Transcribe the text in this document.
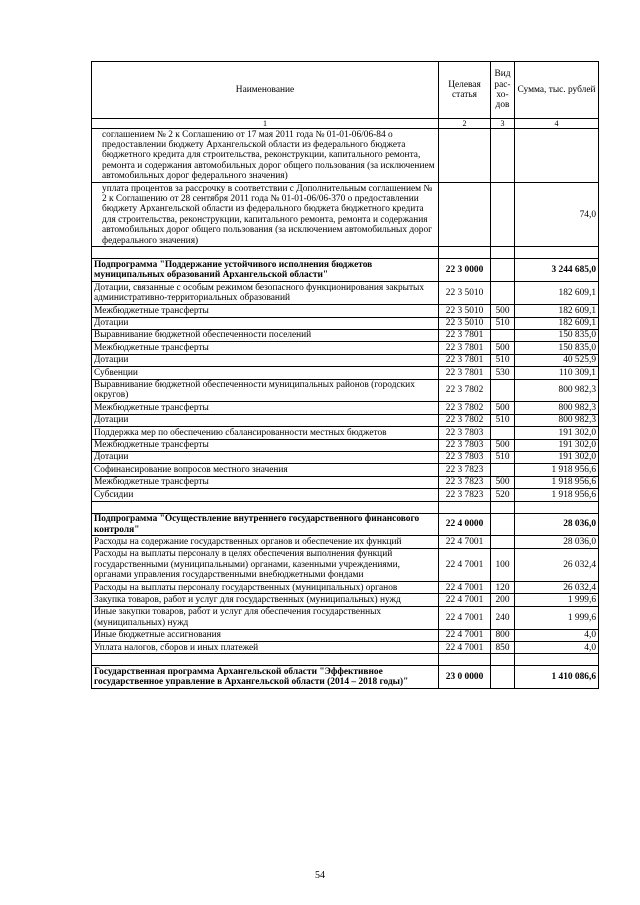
Наименование	Целевая статья	Вид рас-хо-дов	Сумма, тыс. рублей
1	2	3	4
соглашением № 2 к Соглашению от 17 мая 2011 года № 01-01-06/06-84 о предоставлении бюджету Архангельской области из федерального бюджета бюджетного кредита для строительства, реконструкции, капитального ремонта, ремонта и содержания автомобильных дорог общего пользования (за исключением автомобильных дорог федерального значения)			
уплата процентов за рассрочку в соответствии с Дополнительным соглашением № 2 к Соглашению от 28 сентября 2011 года № 01-01-06/06-370 о предоставлении бюджету Архангельской области из федерального бюджета бюджетного кредита для строительства, реконструкции, капитального ремонта, ремонта и содержания автомобильных дорог общего пользования (за исключением автомобильных дорог федерального значения)			74,0

Подпрограмма "Поддержание устойчивого исполнения бюджетов муниципальных образований Архангельской области"	22 3 0000		3 244 685,0
Дотации, связанные с особым режимом безопасного функционирования закрытых административно-территориальных образований	22 3 5010		182 609,1
Межбюджетные трансферты	22 3 5010	500	182 609,1
Дотации	22 3 5010	510	182 609,1
Выравнивание бюджетной обеспеченности поселений	22 3 7801		150 835,0
Межбюджетные трансферты	22 3 7801	500	150 835,0
Дотации	22 3 7801	510	40 525,9
Субвенции	22 3 7801	530	110 309,1
Выравнивание бюджетной обеспеченности муниципальных районов (городских округов)	22 3 7802		800 982,3
Межбюджетные трансферты	22 3 7802	500	800 982,3
Дотации	22 3 7802	510	800 982,3
Поддержка мер по обеспечению сбалансированности местных бюджетов	22 3 7803		191 302,0
Межбюджетные трансферты	22 3 7803	500	191 302,0
Дотации	22 3 7803	510	191 302,0
Софинансирование вопросов местного значения	22 3 7823		1 918 956,6
Межбюджетные трансферты	22 3 7823	500	1 918 956,6
Субсидии	22 3 7823	520	1 918 956,6

Подпрограмма "Осуществление внутреннего государственного финансового контроля"	22 4 0000		28 036,0
Расходы на содержание государственных органов и обеспечение их функций	22 4 7001		28 036,0
Расходы на выплаты персоналу в целях обеспечения выполнения функций государственными (муниципальными) органами, казенными учреждениями, органами управления государственными внебюджетными фондами	22 4 7001	100	26 032,4
Расходы на выплаты персоналу государственных (муниципальных) органов	22 4 7001	120	26 032,4
Закупка товаров, работ и услуг для государственных (муниципальных) нужд	22 4 7001	200	1 999,6
Иные закупки товаров, работ и услуг для обеспечения государственных (муниципальных) нужд	22 4 7001	240	1 999,6
Иные бюджетные ассигнования	22 4 7001	800	4,0
Уплата налогов, сборов и иных платежей	22 4 7001	850	4,0

Государственная программа Архангельской области "Эффективное государственное управление в Архангельской области (2014 – 2018 годы)"	23 0 0000		1 410 086,6
54
